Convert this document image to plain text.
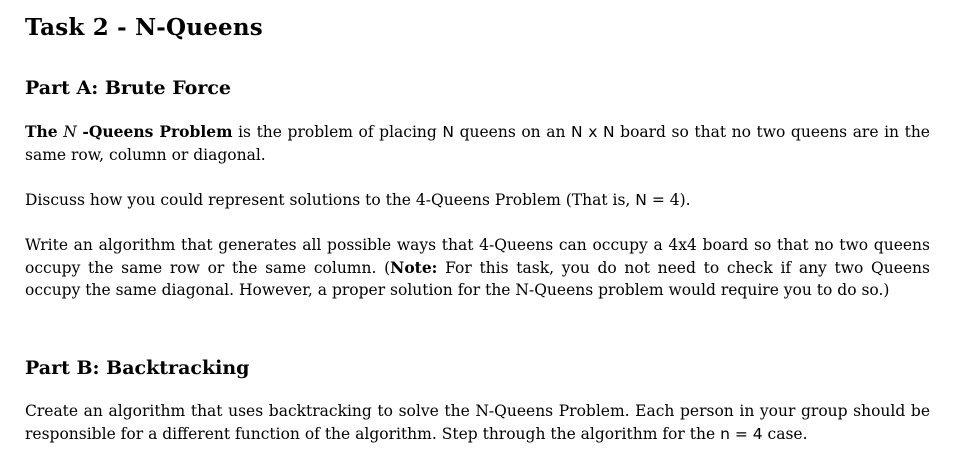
Task 2 - N-Queens
Part A: Brute Force

The N -Queens Problem is the problem of placing N queens on an N x N board so that no two queens are in the same row, column or diagonal.

Discuss how you could represent solutions to the 4-Queens Problem (That is, N = 4).

Write an algorithm that generates all possible ways that 4-Queens can occupy a 4x4 board so that no two queens occupy the same row or the same column. (Note: For this task, you do not need to check if any two Queens occupy the same diagonal. However, a proper solution for the N-Queens problem would require you to do so.)

Part B: Backtracking

Create an algorithm that uses backtracking to solve the N-Queens Problem. Each person in your group should be responsible for a different function of the algorithm. Step through the algorithm for the n = 4 case.
